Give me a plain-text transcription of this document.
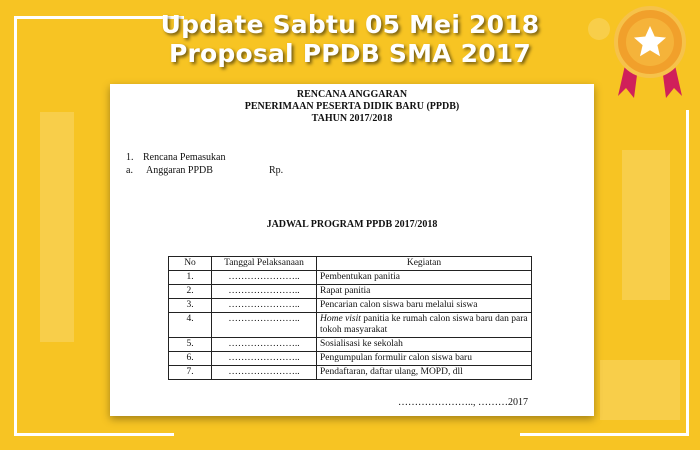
Update Sabtu 05 Mei 2018
Proposal PPDB SMA 2017
RENCANA ANGGARAN
PENERIMAAN PESERTA DIDIK BARU (PPDB)
TAHUN 2017/2018
1. Rencana Pemasukan
a. Anggaran PPDB	Rp.
JADWAL PROGRAM PPDB 2017/2018
No	Tanggal Pelaksanaan	Kegiatan
1.	…………………..	Pembentukan panitia
2.	…………………..	Rapat panitia
3.	…………………..	Pencarian calon siswa baru melalui siswa
4.	…………………..	Home visit panitia ke rumah calon siswa baru dan para tokoh masyarakat
5.	…………………..	Sosialisasi ke sekolah
6.	…………………..	Pengumpulan formulir calon siswa baru
7.	…………………..	Pendaftaran, daftar ulang, MOPD, dll
………………….., ………2017
